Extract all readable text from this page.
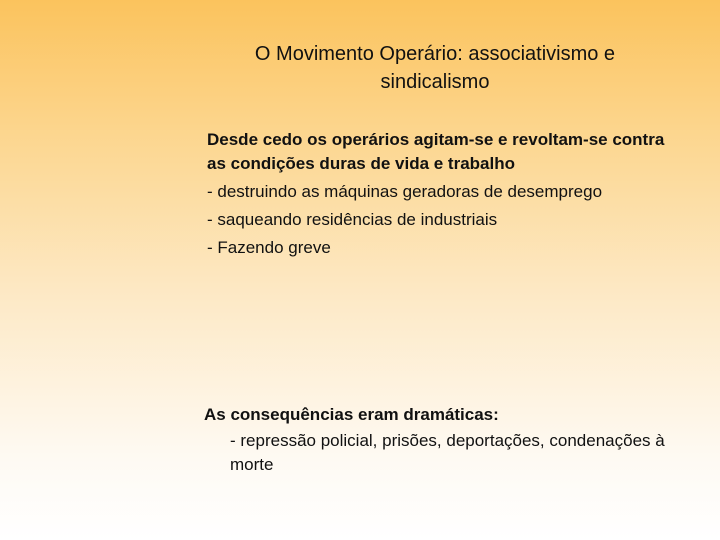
O Movimento Operário: associativismo e sindicalismo

Desde cedo os operários agitam-se e revoltam-se contra as condições duras de vida e trabalho

- destruindo as máquinas geradoras de desemprego

- saqueando residências de industriais

- Fazendo greve

As consequências eram dramáticas:

- repressão policial, prisões, deportações, condenações à morte
